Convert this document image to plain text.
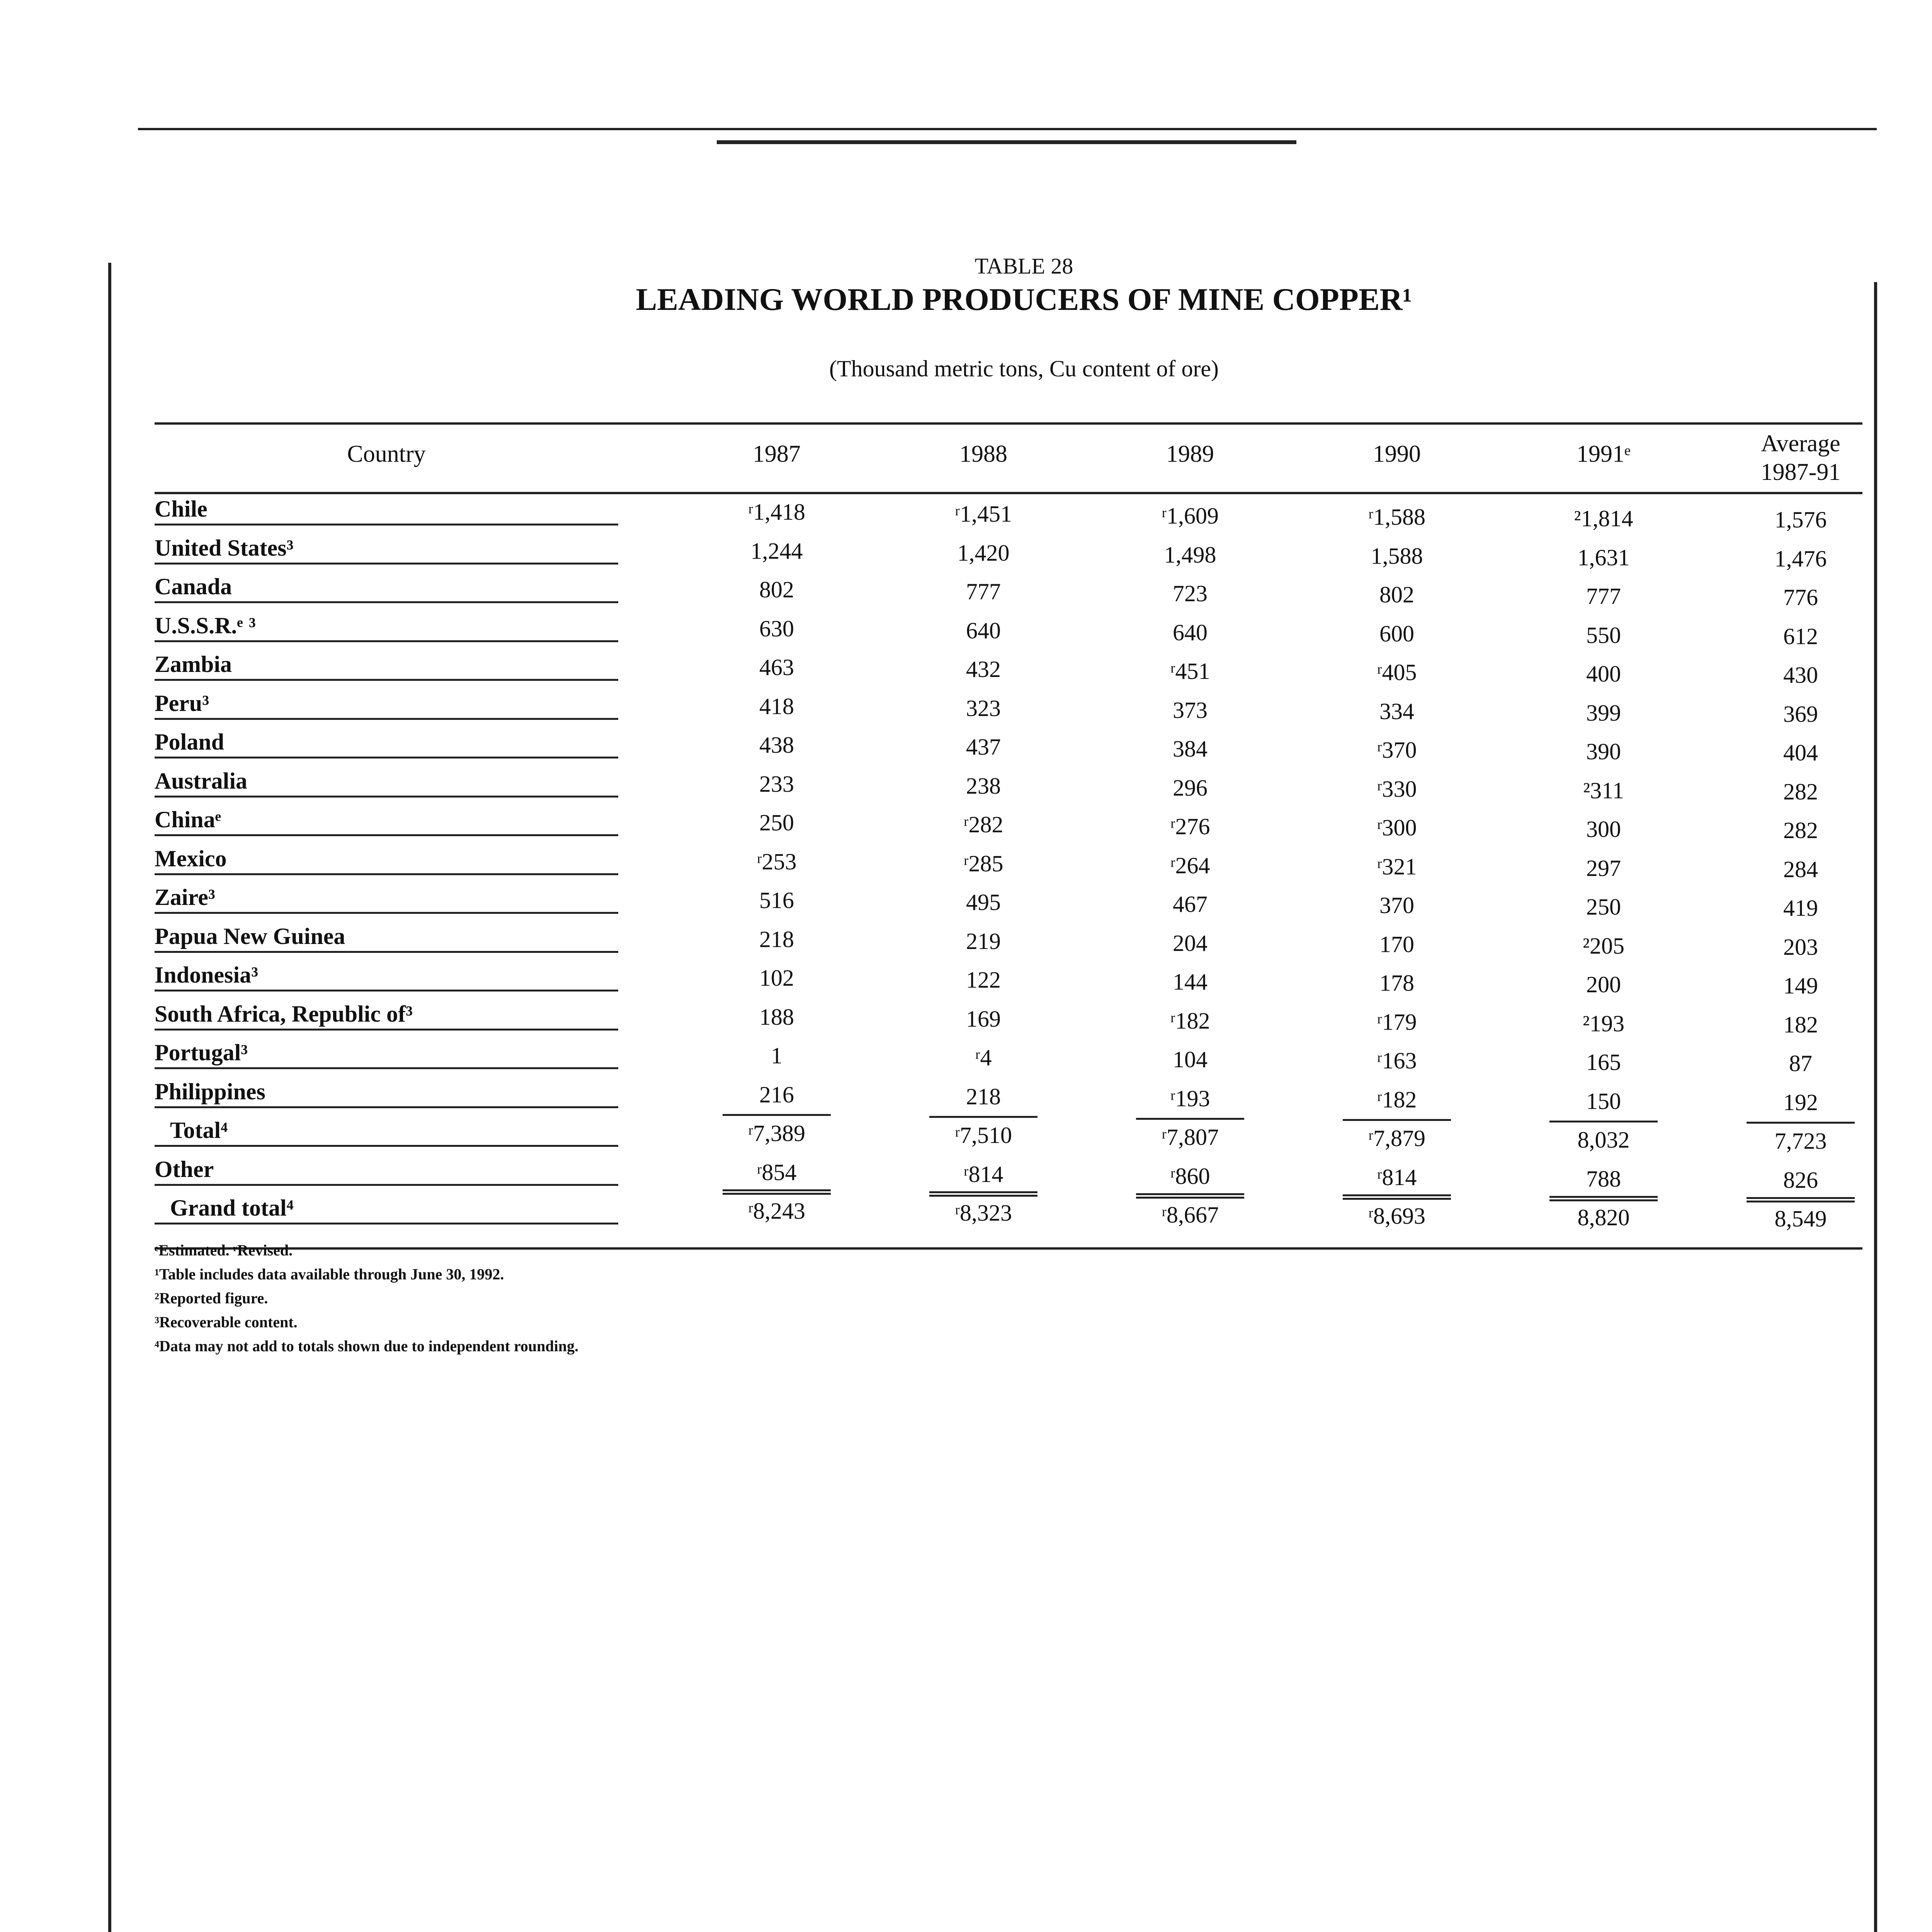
TABLE 28
LEADING WORLD PRODUCERS OF MINE COPPER¹
(Thousand metric tons, Cu content of ore)
Country	1987	1988	1989	1990	1991ᵉ	Average
1987-91
Chile	ʳ1,418	ʳ1,451	ʳ1,609	ʳ1,588	²1,814	1,576
United States³	1,244	1,420	1,498	1,588	1,631	1,476
Canada	802	777	723	802	777	776
U.S.S.R.ᵉ ³	630	640	640	600	550	612
Zambia	463	432	ʳ451	ʳ405	400	430
Peru³	418	323	373	334	399	369
Poland	438	437	384	ʳ370	390	404
Australia	233	238	296	ʳ330	²311	282
Chinaᵉ	250	ʳ282	ʳ276	ʳ300	300	282
Mexico	ʳ253	ʳ285	ʳ264	ʳ321	297	284
Zaire³	516	495	467	370	250	419
Papua New Guinea	218	219	204	170	²205	203
Indonesia³	102	122	144	178	200	149
South Africa, Republic of³	188	169	ʳ182	ʳ179	²193	182
Portugal³	1	ʳ4	104	ʳ163	165	87
Philippines	216	218	ʳ193	ʳ182	150	192
Total⁴	ʳ7,389	ʳ7,510	ʳ7,807	ʳ7,879	8,032	7,723
Other	ʳ854	ʳ814	ʳ860	ʳ814	788	826
Grand total⁴	ʳ8,243	ʳ8,323	ʳ8,667	ʳ8,693	8,820	8,549
ᵉEstimated. ʳRevised.
¹Table includes data available through June 30, 1992.
²Reported figure.
³Recoverable content.
⁴Data may not add to totals shown due to independent rounding.
